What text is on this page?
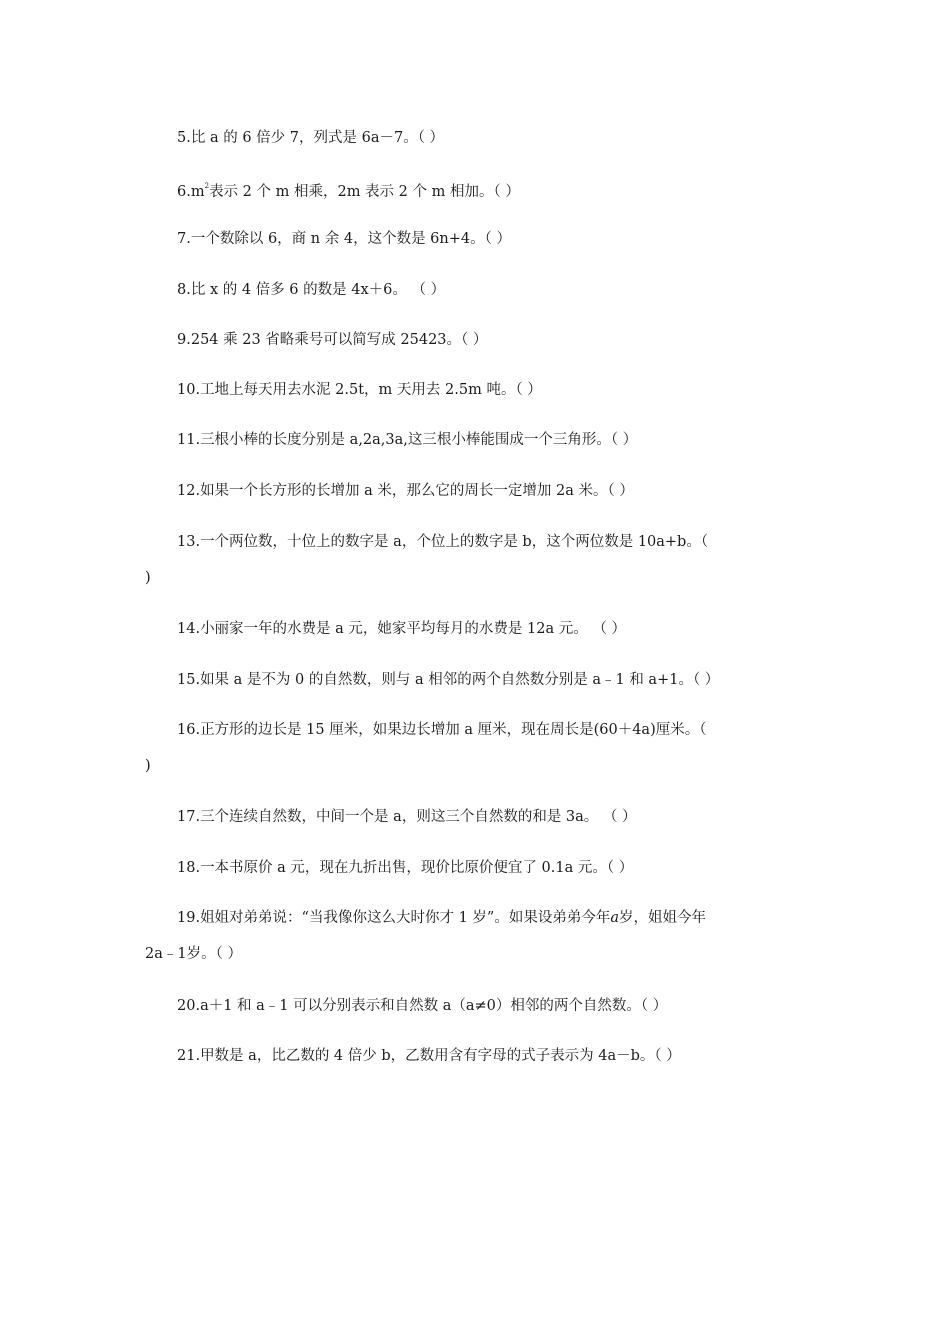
5.比 a 的 6 倍少 7，列式是 6a－7。（ ）
$6.m^2$表示 2 个 m 相乘，2m 表示 2 个 m 相加。（ ）
7.一个数除以 6，商 n 余 4，这个数是 6n+4。（ ）
8.比 x 的 4 倍多 6 的数是 4x＋6。 （ ）
9.254 乘 23 省略乘号可以简写成 25423。（ ）
10.工地上每天用去水泥 2.5t，m 天用去 2.5m 吨。（ ）
11.三根小棒的长度分别是 a,2a,3a,这三根小棒能围成一个三角形。（ ）
12.如果一个长方形的长增加 a 米，那么它的周长一定增加 2a 米。（ ）
13.一个两位数，十位上的数字是 a，个位上的数字是 b，这个两位数是 10a+b。（
)
14.小丽家一年的水费是 a 元，她家平均每月的水费是 12a 元。 （ ）
15.如果 a 是不为 0 的自然数，则与 a 相邻的两个自然数分别是 a﹣1 和 a+1。（ ）
16.正方形的边长是 15 厘米，如果边长增加 a 厘米，现在周长是(60＋4a)厘米。（
)
17.三个连续自然数，中间一个是 a，则这三个自然数的和是 3a。 （ ）
18.一本书原价 a 元，现在九折出售，现价比原价便宜了 0.1a 元。（ ）
19.姐姐对弟弟说：“当我像你这么大时你才 1 岁”。如果设弟弟今年a岁，姐姐今年
2a﹣1岁。（ ）
20.a＋1 和 a﹣1 可以分别表示和自然数 a（a≠0）相邻的两个自然数。（ ）
21.甲数是 a，比乙数的 4 倍少 b，乙数用含有字母的式子表示为 4a－b。（ ）
